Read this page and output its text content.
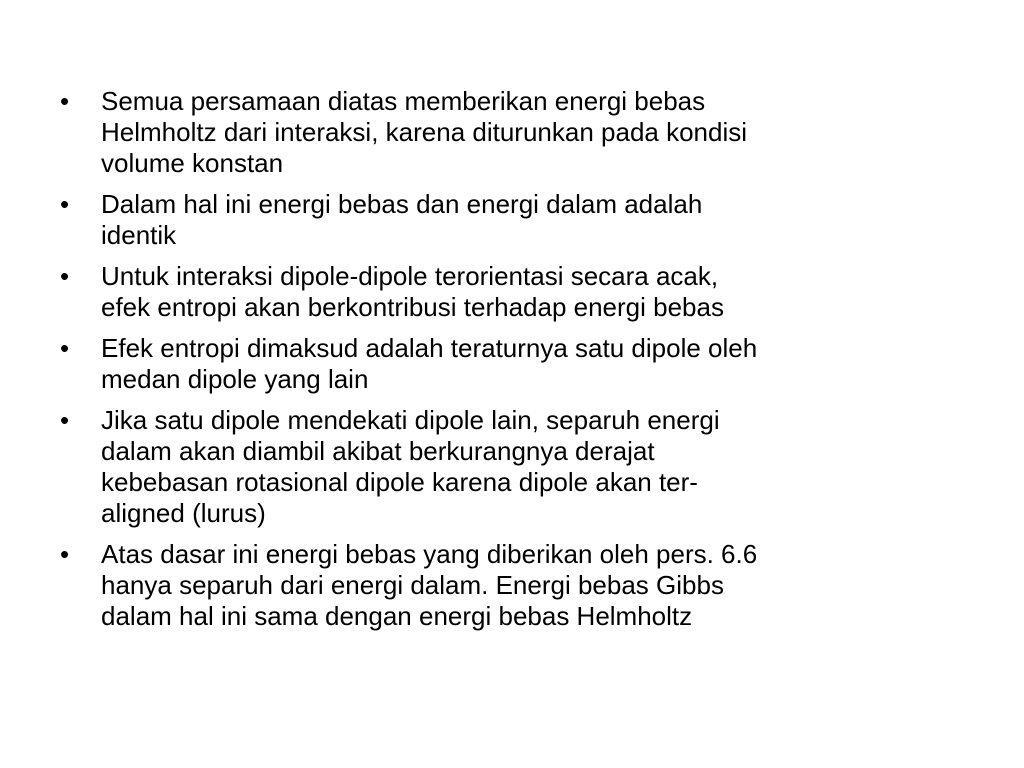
•	Semua persamaan diatas memberikan energi bebas
Helmholtz dari interaksi, karena diturunkan pada kondisi
volume konstan
•	Dalam hal ini energi bebas dan energi dalam adalah
identik
•	Untuk interaksi dipole-dipole terorientasi secara acak,
efek entropi akan berkontribusi terhadap energi bebas
•	Efek entropi dimaksud adalah teraturnya satu dipole oleh
medan dipole yang lain
•	Jika satu dipole mendekati dipole lain, separuh energi
dalam akan diambil akibat berkurangnya derajat
kebebasan rotasional dipole karena dipole akan ter-
aligned (lurus)
•	Atas dasar ini energi bebas yang diberikan oleh pers. 6.6
hanya separuh dari energi dalam. Energi bebas Gibbs
dalam hal ini sama dengan energi bebas Helmholtz
